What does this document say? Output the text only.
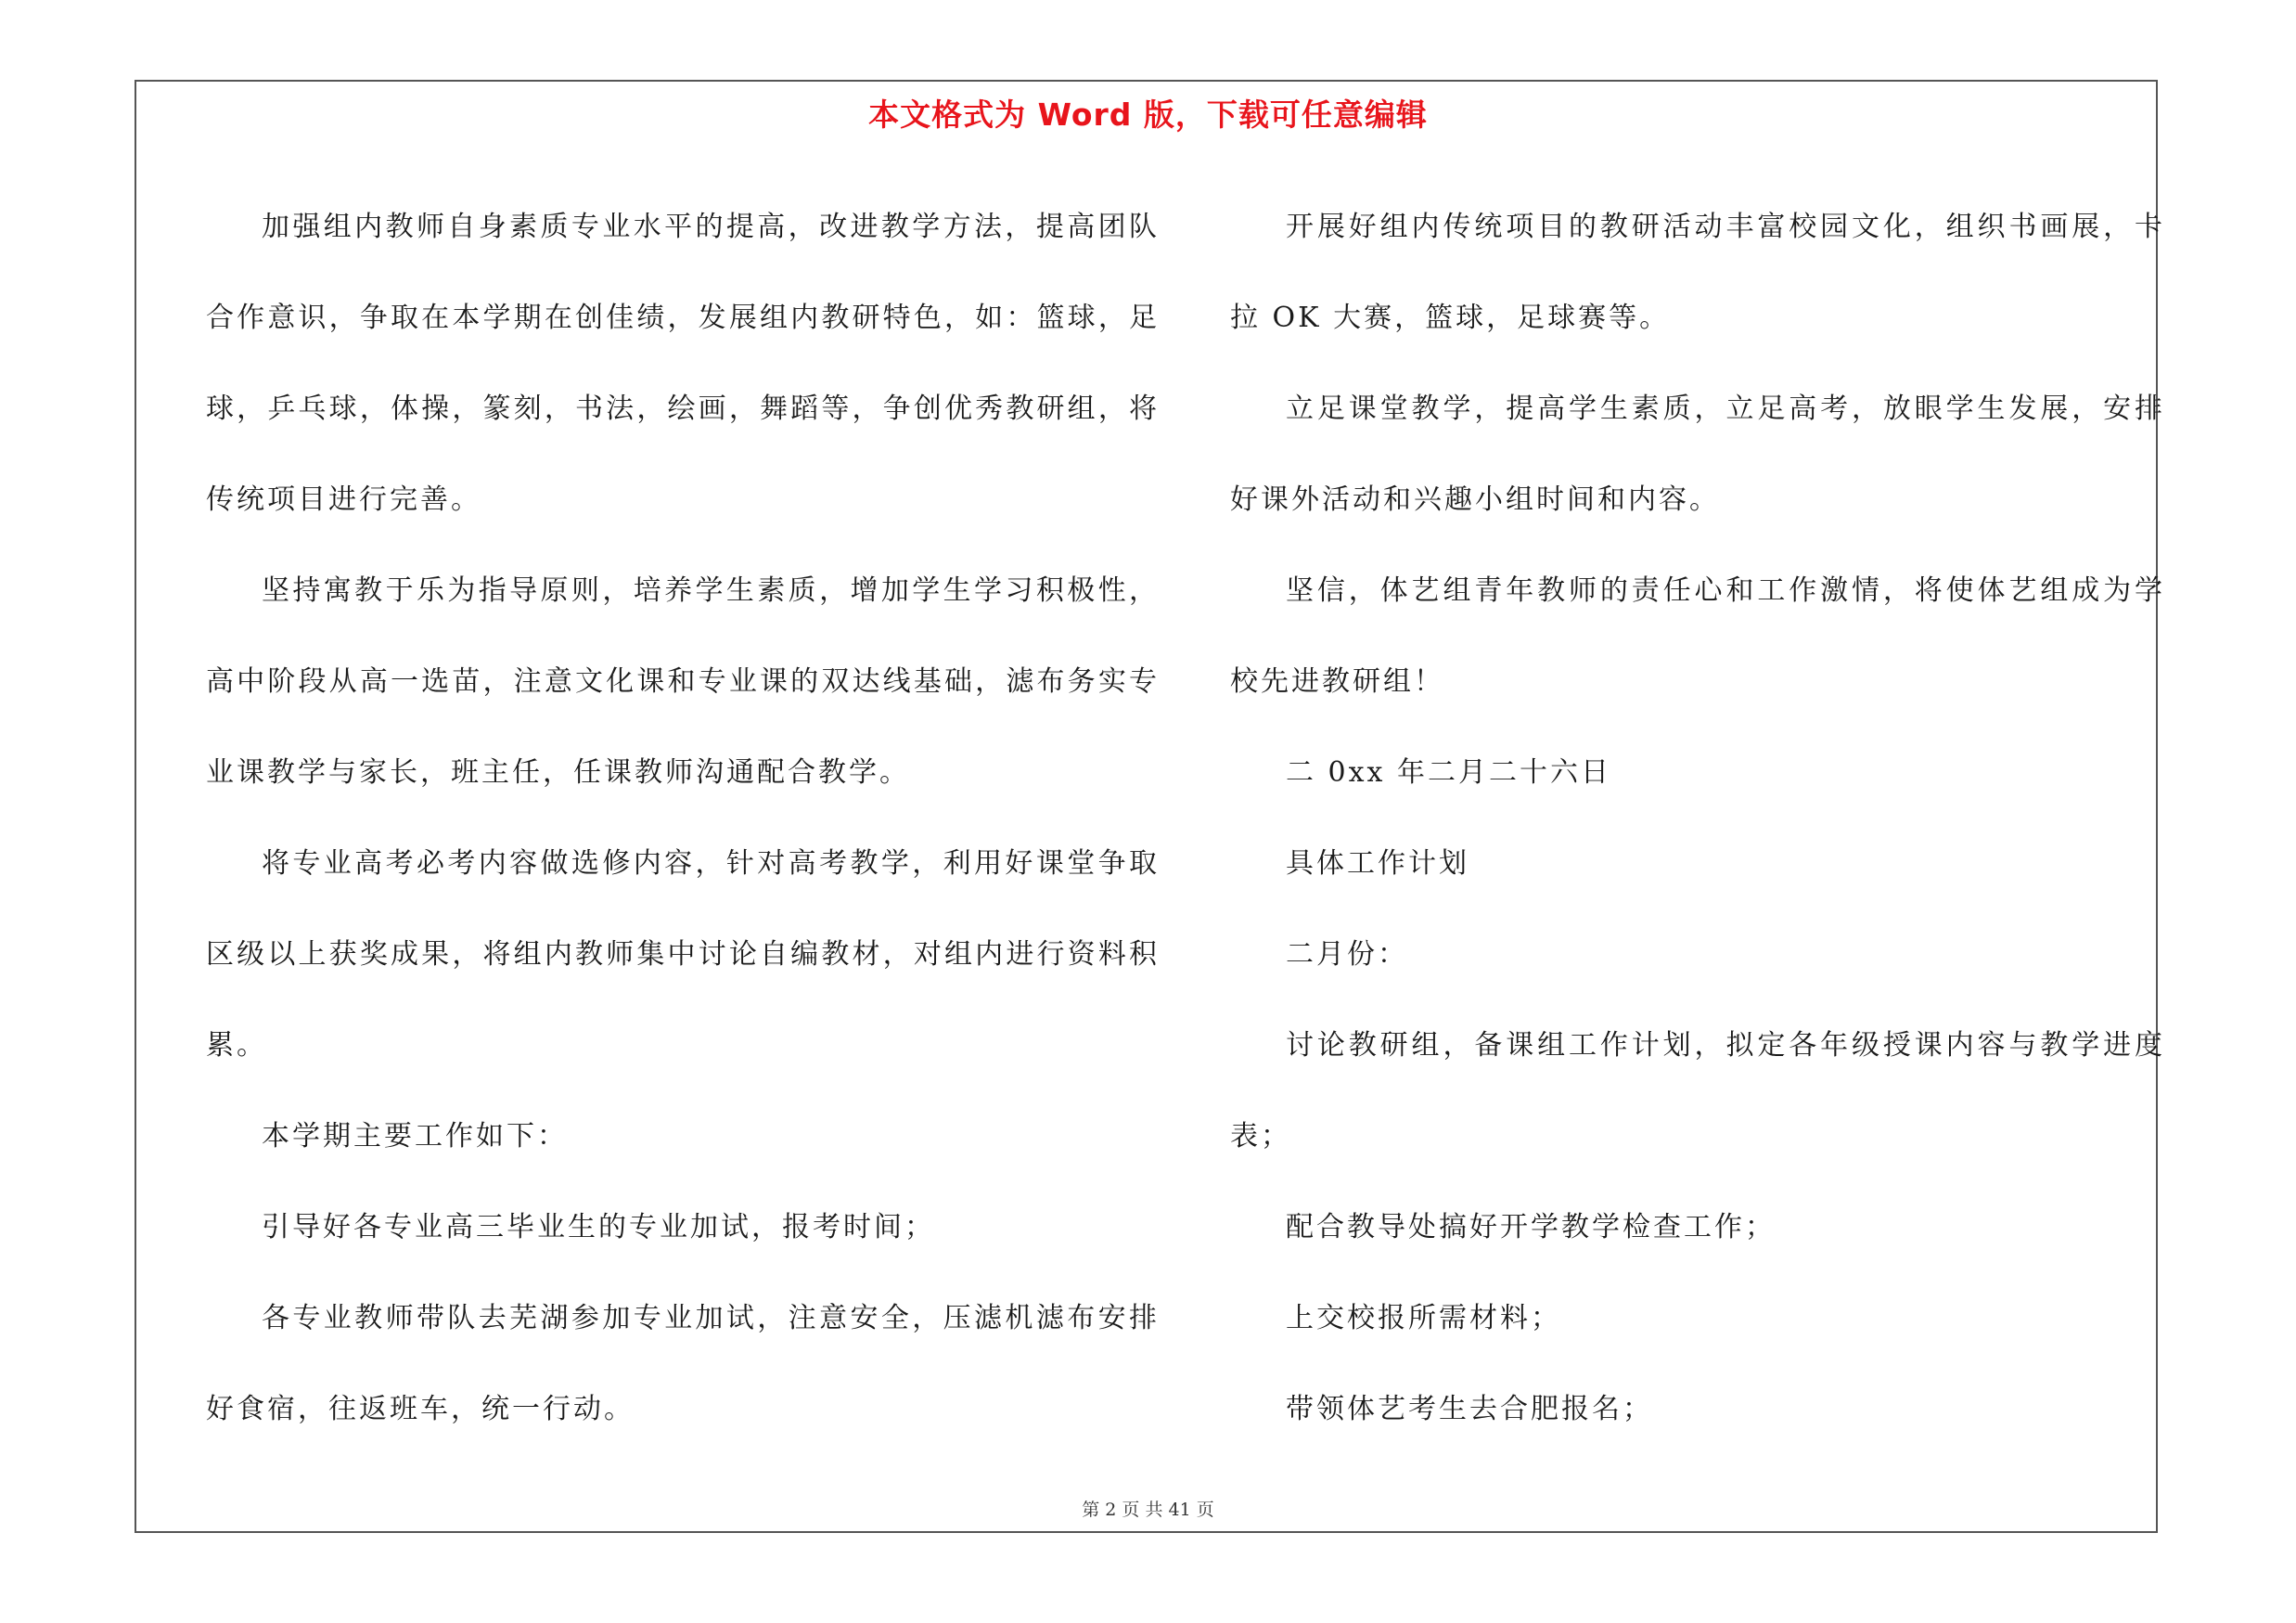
本文格式为 Word 版，下载可任意编辑

加强组内教师自身素质专业水平的提高，改进教学方法，提高团队合作意识，争取在本学期在创佳绩，发展组内教研特色，如：篮球，足球，乒乓球，体操，篆刻，书法，绘画，舞蹈等，争创优秀教研组，将传统项目进行完善。

坚持寓教于乐为指导原则，培养学生素质，增加学生学习积极性，高中阶段从高一选苗，注意文化课和专业课的双达线基础，滤布务实专业课教学与家长，班主任，任课教师沟通配合教学。

将专业高考必考内容做选修内容，针对高考教学，利用好课堂争取区级以上获奖成果，将组内教师集中讨论自编教材，对组内进行资料积累。

本学期主要工作如下：

引导好各专业高三毕业生的专业加试，报考时间；

各专业教师带队去芜湖参加专业加试，注意安全，压滤机滤布安排好食宿，往返班车，统一行动。

开展好组内传统项目的教研活动丰富校园文化，组织书画展，卡拉 OK 大赛，篮球，足球赛等。

立足课堂教学，提高学生素质，立足高考，放眼学生发展，安排好课外活动和兴趣小组时间和内容。

坚信，体艺组青年教师的责任心和工作激情，将使体艺组成为学校先进教研组！

二 0xx 年二月二十六日

具体工作计划

二月份：

讨论教研组，备课组工作计划，拟定各年级授课内容与教学进度表；

配合教导处搞好开学教学检查工作；

上交校报所需材料；

带领体艺考生去合肥报名；

第 2 页 共 41 页
